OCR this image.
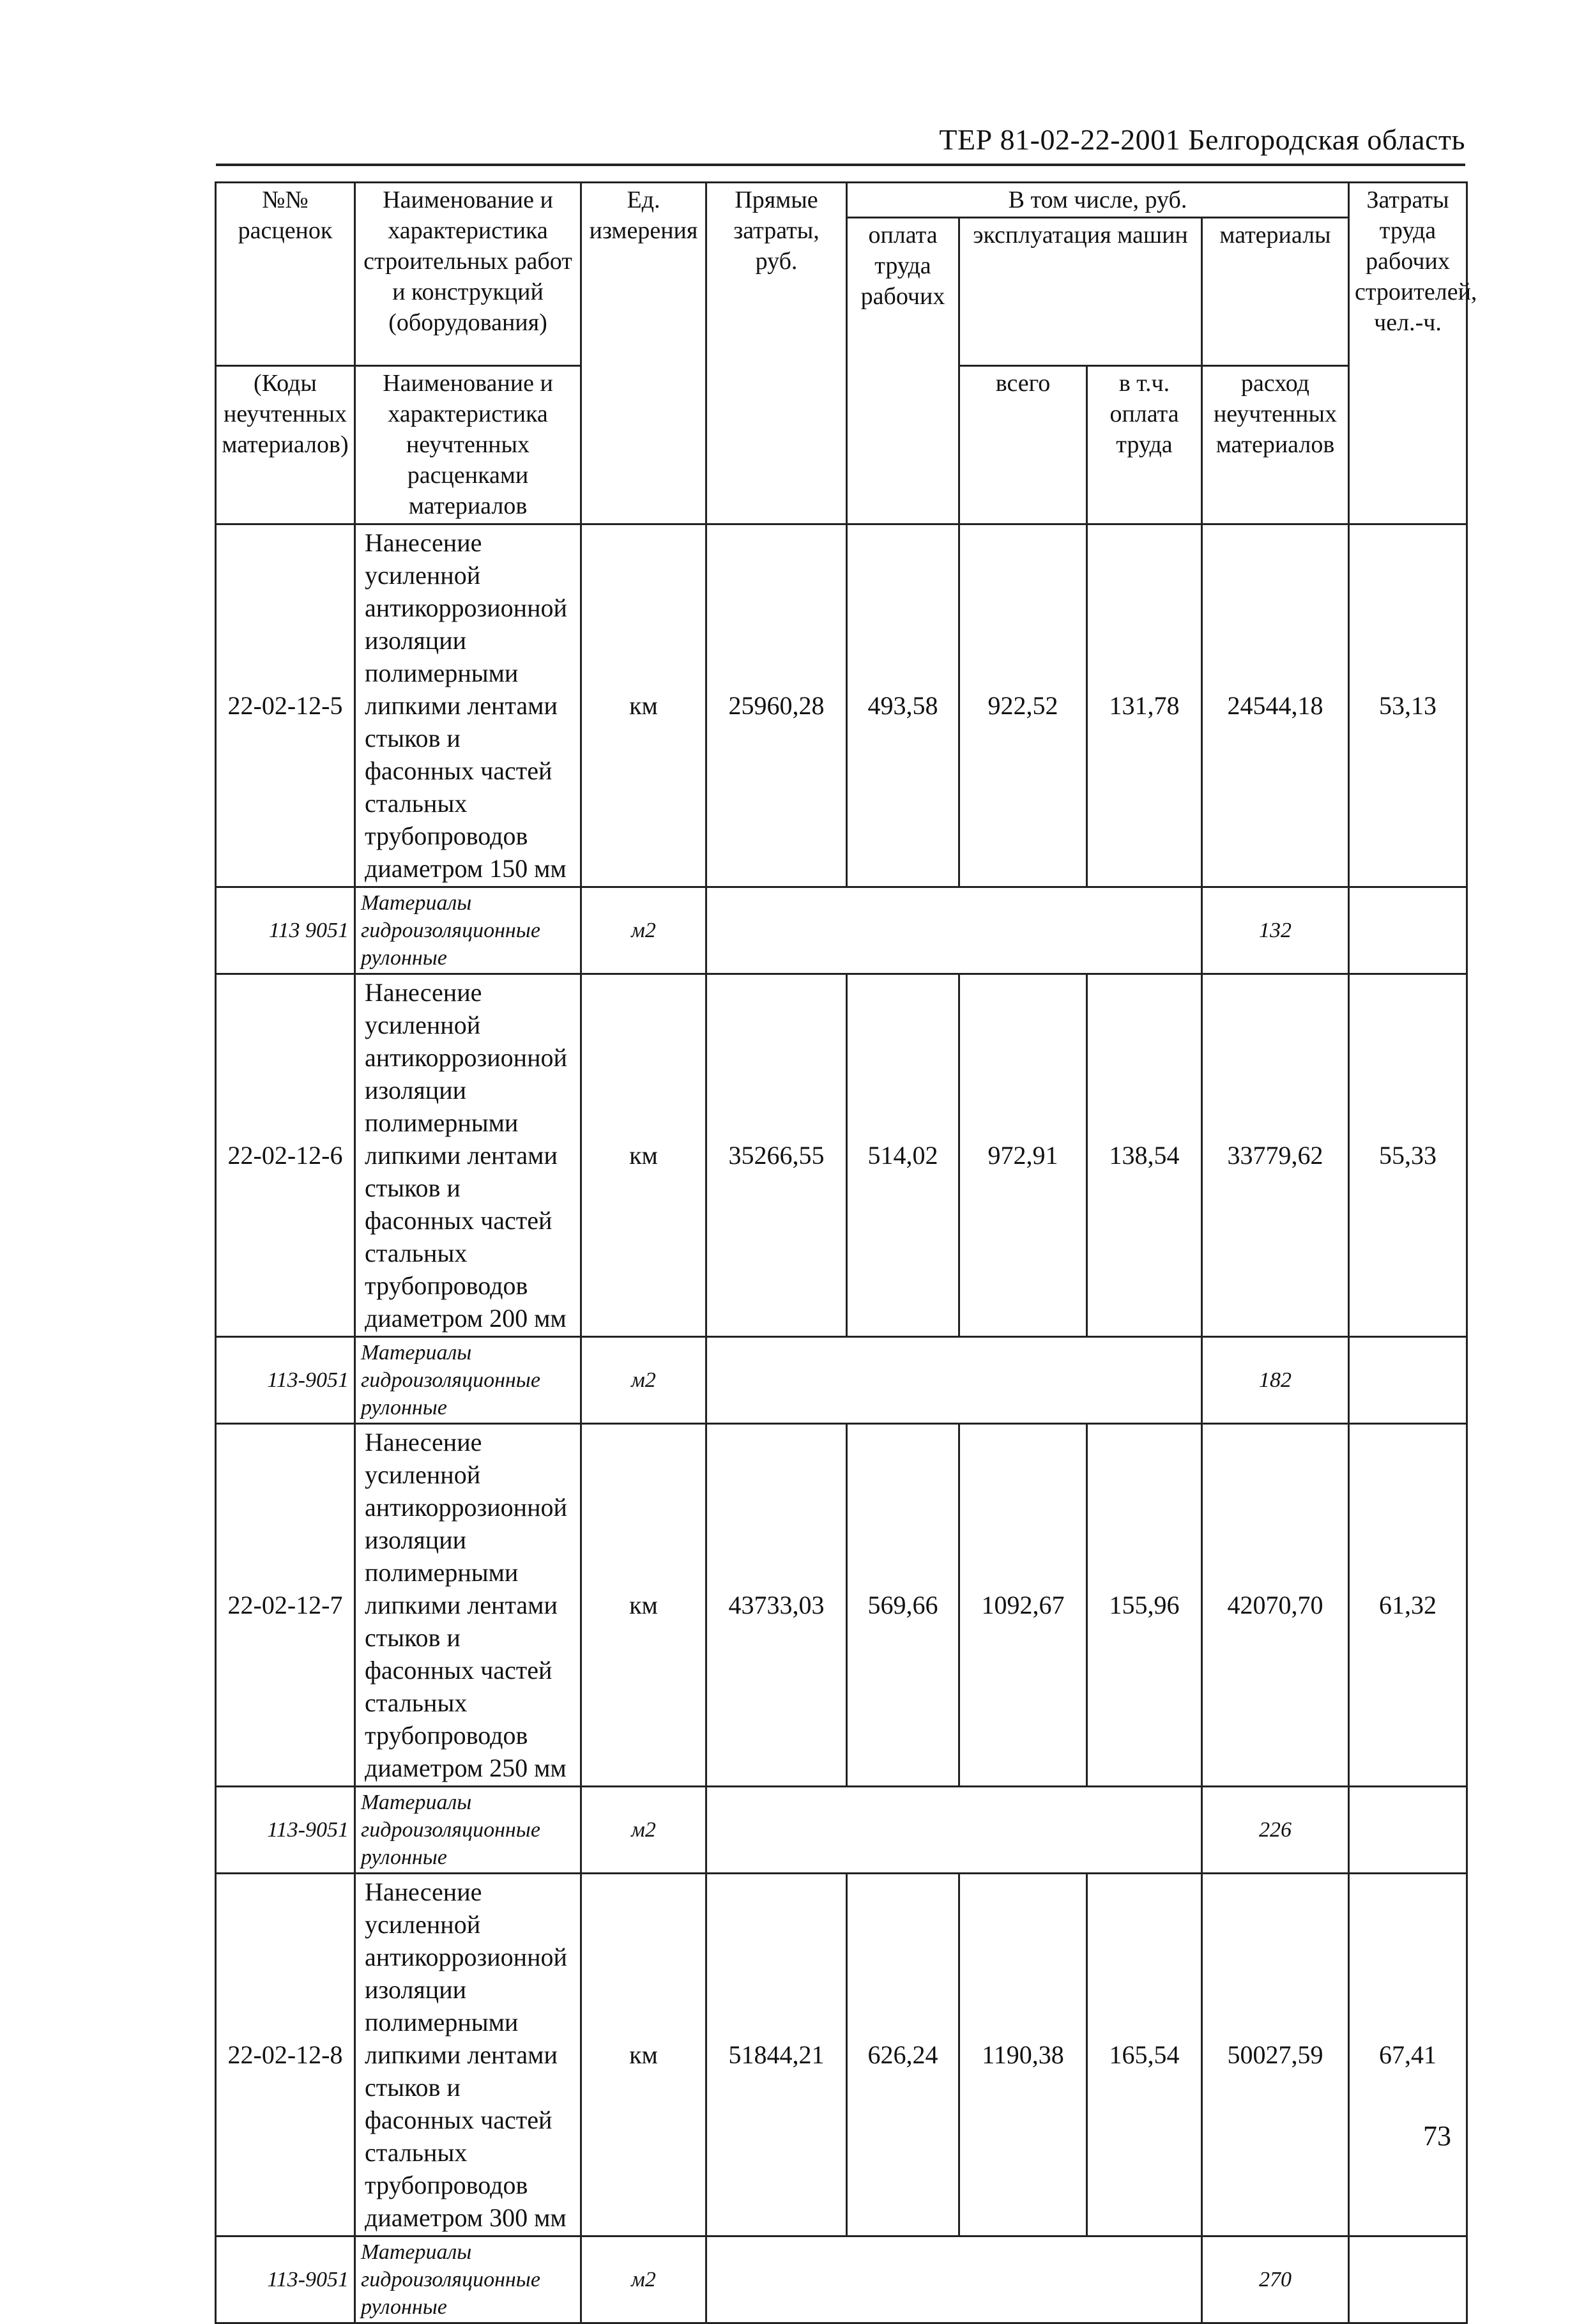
ТЕР 81-02-22-2001 Белгородская область
№№ расценок	Наименование и характеристика строительных работ и конструкций (оборудования)	Ед. измерения	Прямые затраты, руб.	В том числе, руб.				Затраты труда рабочих строителей, чел.-ч.
				оплата труда рабочих	эксплуатация машин		материалы	
(Коды неучтенных материалов)	Наименование и характеристика неучтенных расценками материалов				всего	в т.ч. оплата труда	расход неучтенных материалов	
22-02-12-5	Нанесение усиленной антикоррозионной изоляции полимерными липкими лентами стыков и фасонных частей стальных трубопроводов диаметром 150 мм	км	25960,28	493,58	922,52	131,78	24544,18	53,13
113 9051	Материалы гидроизоляционные рулонные	м2					132	
22-02-12-6	Нанесение усиленной антикоррозионной изоляции полимерными липкими лентами стыков и фасонных частей стальных трубопроводов диаметром 200 мм	км	35266,55	514,02	972,91	138,54	33779,62	55,33
113-9051	Материалы гидроизоляционные рулонные	м2					182	
22-02-12-7	Нанесение усиленной антикоррозионной изоляции полимерными липкими лентами стыков и фасонных частей стальных трубопроводов диаметром 250 мм	км	43733,03	569,66	1092,67	155,96	42070,70	61,32
113-9051	Материалы гидроизоляционные рулонные	м2					226	
22-02-12-8	Нанесение усиленной антикоррозионной изоляции полимерными липкими лентами стыков и фасонных частей стальных трубопроводов диаметром 300 мм	км	51844,21	626,24	1190,38	165,54	50027,59	67,41
113-9051	Материалы гидроизоляционные рулонные	м2					270	
73
